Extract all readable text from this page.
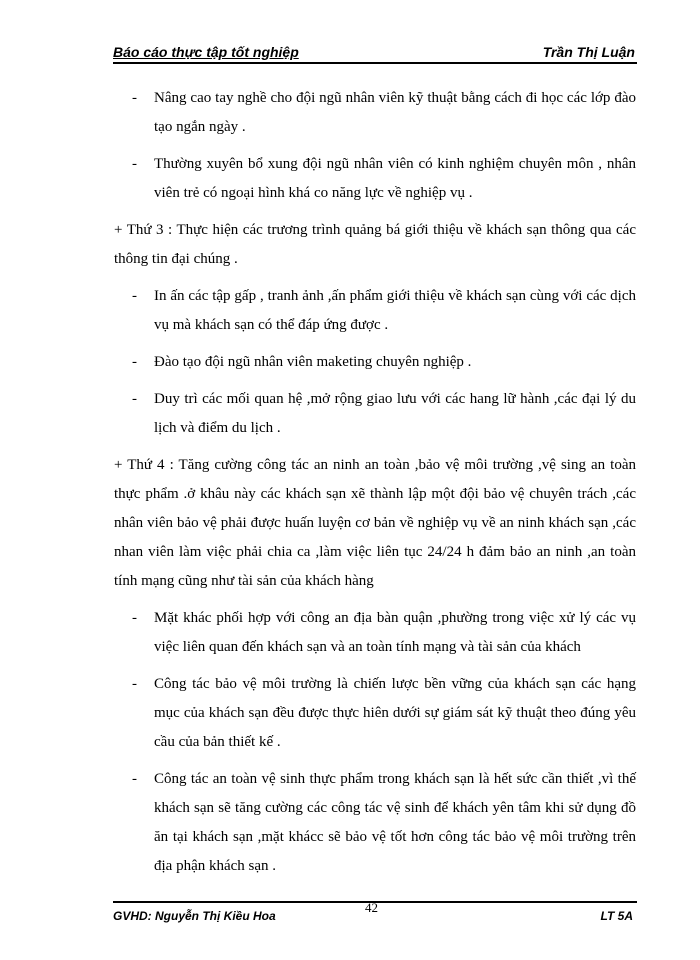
Báo cáo thực tập tốt nghiệp	Trần Thị Luận
- Nâng cao tay nghề cho đội ngũ nhân viên kỹ thuật bằng cách đi học các lớp đào tạo ngắn ngày .
- Thường xuyên bổ xung đội ngũ nhân viên có kinh nghiệm chuyên môn , nhân viên trẻ có ngoại hình khá co năng lực về nghiệp vụ .
+ Thứ 3 : Thực hiện các trương trình quảng bá giới thiệu về khách sạn thông qua các thông tin đại chúng .
- In ấn các tập gấp , tranh ảnh ,ấn phẩm giới thiệu về khách sạn cùng với các dịch vụ mà khách sạn có thể đáp ứng được .
- Đào tạo đội ngũ nhân viên maketing chuyên nghiệp .
- Duy trì các mối quan hệ ,mở rộng giao lưu với các hang lữ hành ,các đại lý du lịch và điểm du lịch .
+ Thứ 4 : Tăng cường công tác an ninh an toàn ,bảo vệ môi trường ,vệ sing an toàn thực phẩm .ở khâu này các khách sạn xẽ thành lập một đội bảo vệ chuyên trách ,các nhân viên bảo vệ phải được huấn luyện cơ bản về nghiệp vụ về an ninh khách sạn ,các nhan viên làm việc phải chia ca ,làm việc liên tục 24/24 h đảm bảo an ninh ,an toàn tính mạng cũng như tài sản của khách hàng
- Mặt khác phối hợp với công an địa bàn quận ,phường trong việc xử lý các vụ việc liên quan đến khách sạn và an toàn tính mạng và tài sản của khách
- Công tác bảo vệ môi trường là chiến lược bền vững của khách sạn các hạng mục của khách sạn đều được thực hiên dưới sự giám sát kỹ thuật theo đúng yêu cầu của bản thiết kế .
- Công tác an toàn vệ sinh thực phẩm trong khách sạn là hết sức cần thiết ,vì thế khách sạn sẽ tăng cường các công tác vệ sinh để khách yên tâm khi sử dụng đồ ăn tại khách sạn ,mặt khácc sẽ bảo vệ tốt hơn công tác bảo vệ môi trường trên địa phận khách sạn .
GVHD: Nguyễn Thị Kiều Hoa
42
LT 5A
